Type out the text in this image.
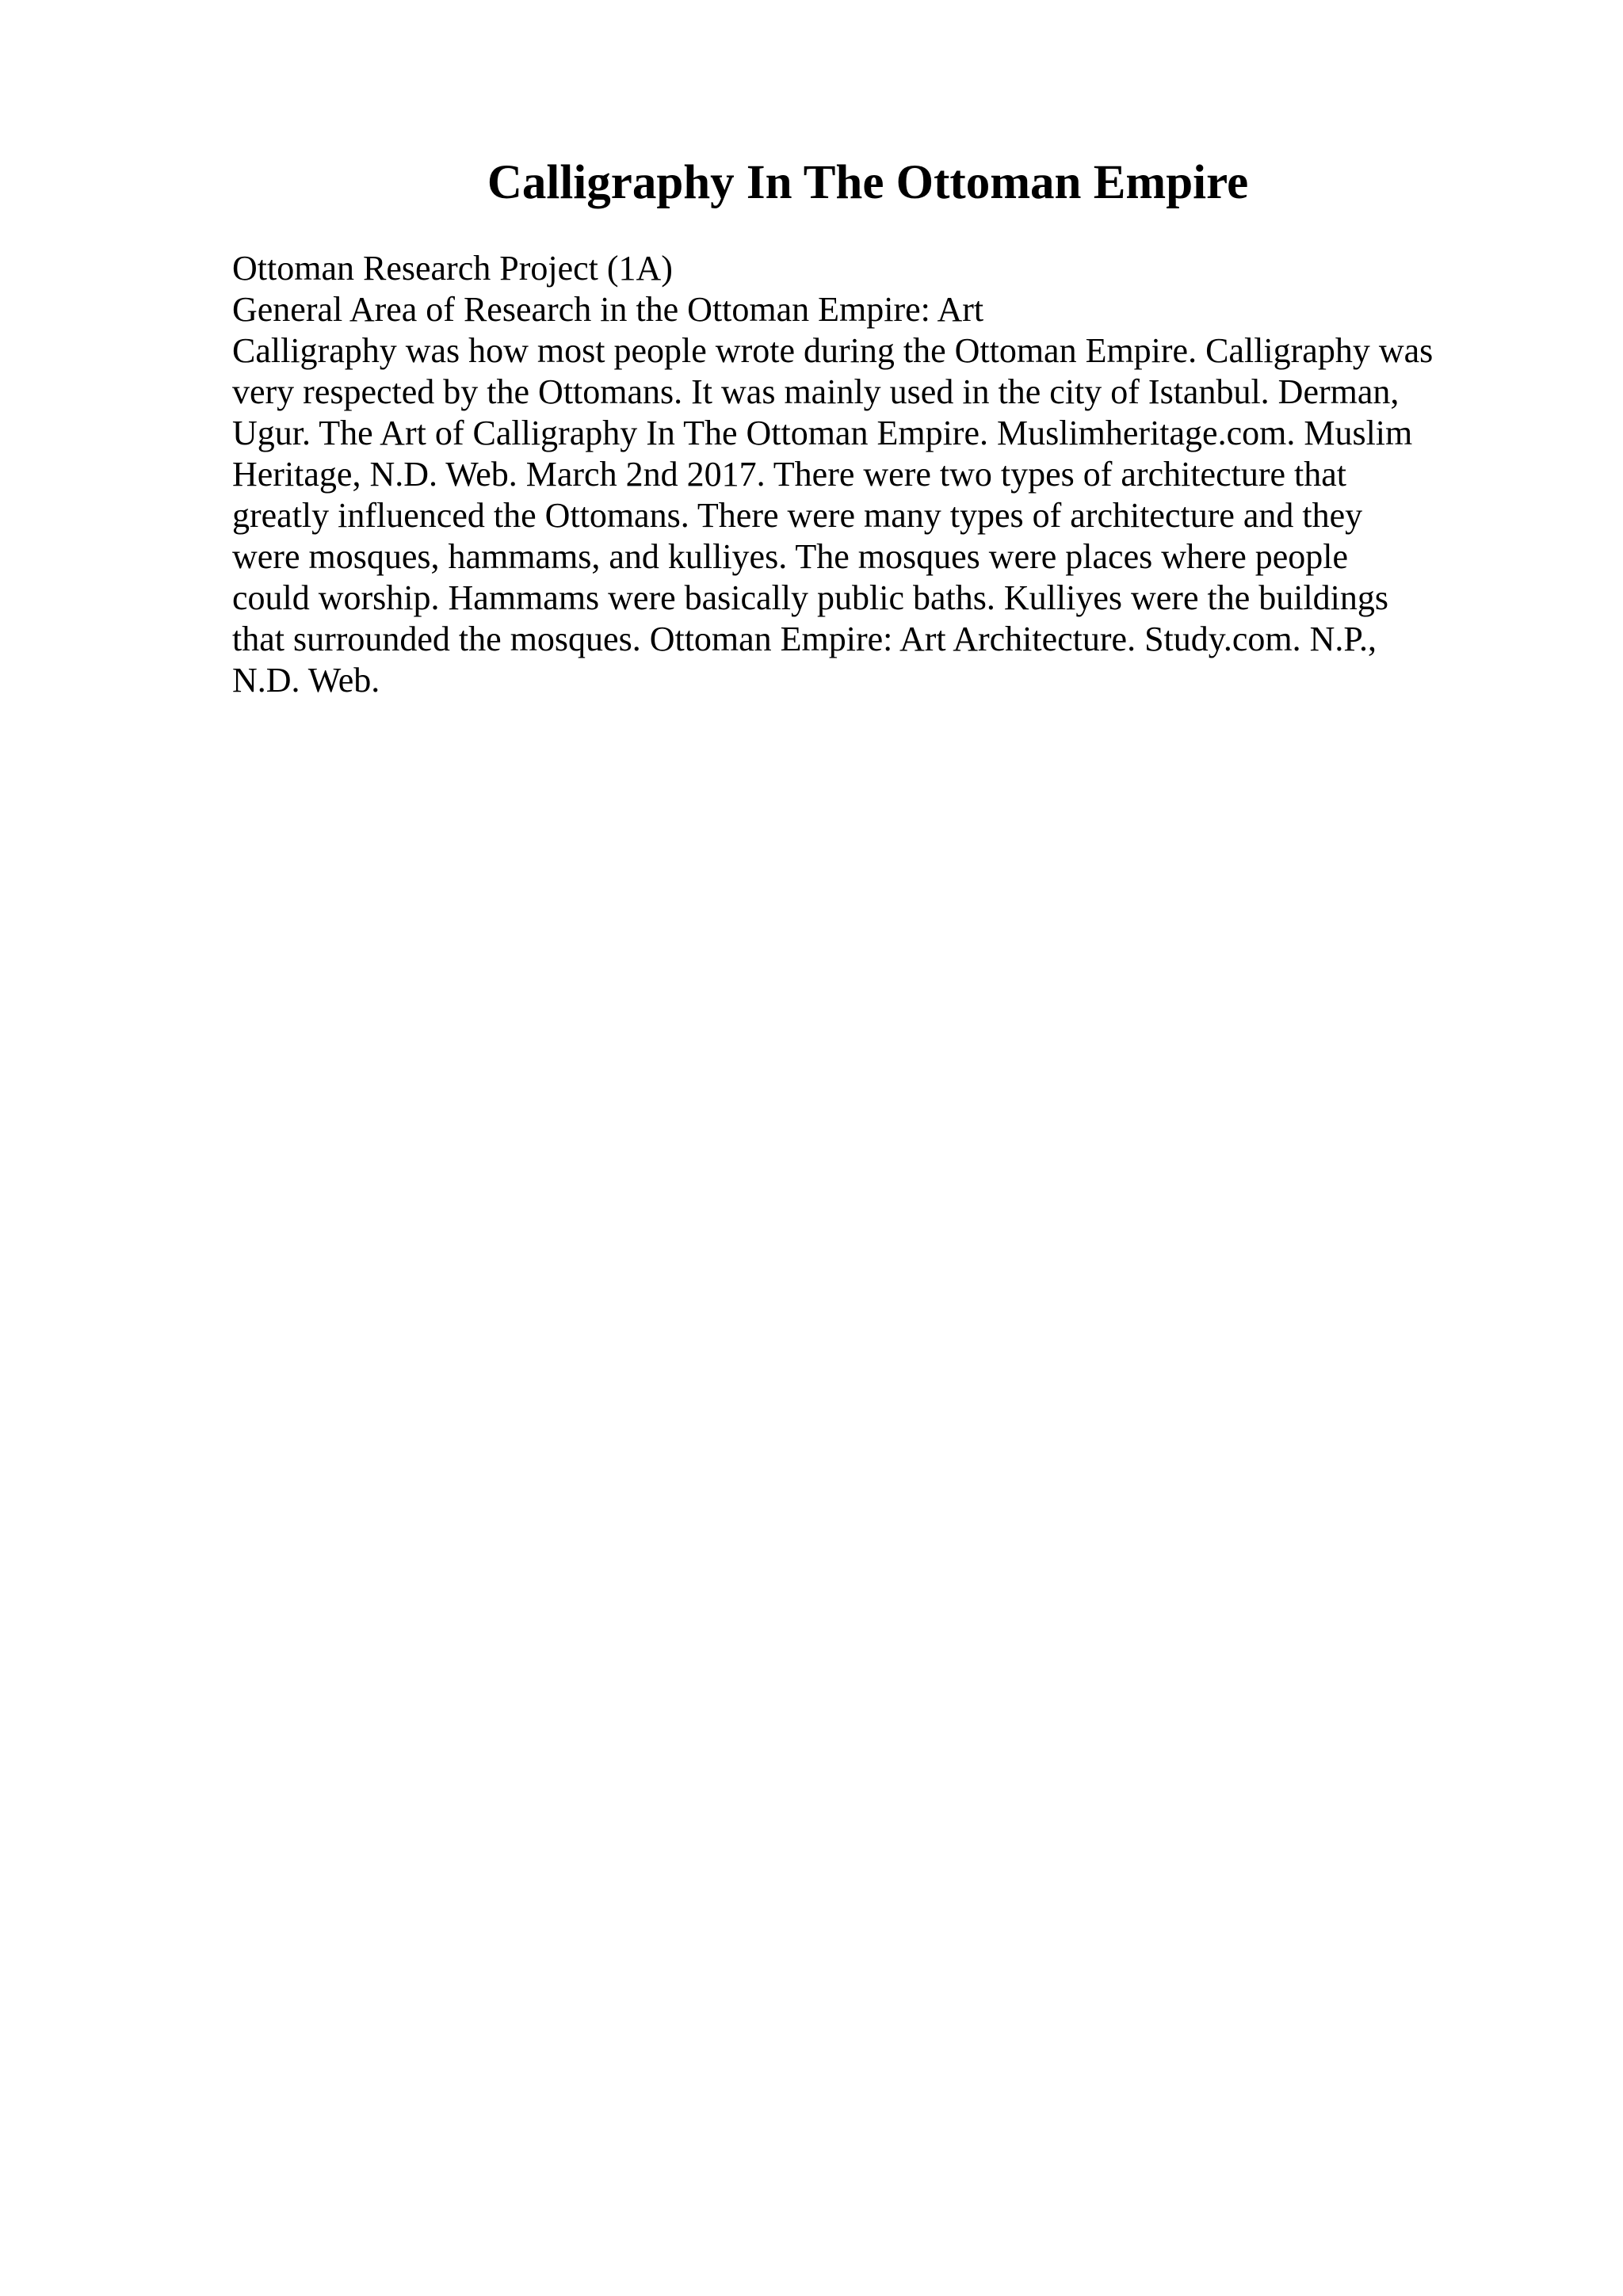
Calligraphy In The Ottoman Empire
Ottoman Research Project (1A)
General Area of Research in the Ottoman Empire: Art
Calligraphy was how most people wrote during the Ottoman Empire. Calligraphy was
very respected by the Ottomans. It was mainly used in the city of Istanbul. Derman,
Ugur. The Art of Calligraphy In The Ottoman Empire. Muslimheritage.com. Muslim
Heritage, N.D. Web. March 2nd 2017. There were two types of architecture that
greatly influenced the Ottomans. There were many types of architecture and they
were mosques, hammams, and kulliyes. The mosques were places where people
could worship. Hammams were basically public baths. Kulliyes were the buildings
that surrounded the mosques. Ottoman Empire: Art Architecture. Study.com. N.P.,
N.D. Web.
